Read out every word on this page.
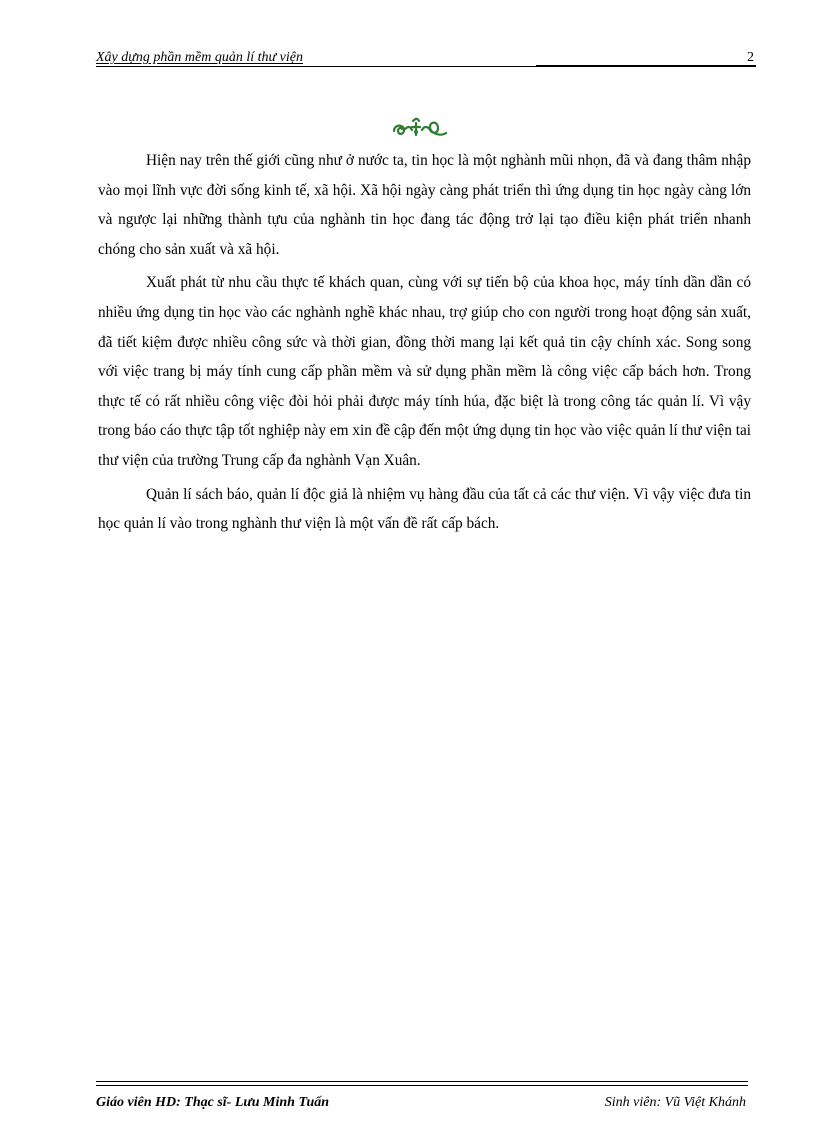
Xây dựng phần mềm quản lí thư viện	2

Hiện nay trên thế giới cũng như ở nước ta, tin học là một nghành mũi nhọn, đã và đang thâm nhập vào mọi lĩnh vực đời sống kinh tế, xã hội. Xã hội ngày càng phát triển thì ứng dụng tin học ngày càng lớn và ngược lại những thành tựu của nghành tin học đang tác động trở lại tạo điều kiện phát triển nhanh chóng cho sản xuất và xã hội.

Xuất phát từ nhu cầu thực tế khách quan, cùng với sự tiến bộ của khoa học, máy tính dần dần có nhiều ứng dụng tin học vào các nghành nghề khác nhau, trợ giúp cho con người trong hoạt động sản xuất, đã tiết kiệm được nhiều công sức và thời gian, đồng thời mang lại kết quả tin cậy chính xác. Song song với việc trang bị máy tính cung cấp phần mềm và sử dụng phần mềm là công việc cấp bách hơn. Trong thực tế có rất nhiều công việc đòi hỏi phải được máy tính húa, đặc biệt là trong công tác quản lí. Vì vậy trong báo cáo thực tập tốt nghiệp này em xin đề cập đến một ứng dụng tin học vào việc quản lí thư viện tai thư viện của trường Trung cấp đa nghành Vạn Xuân.

Quản lí sách báo, quản lí độc giả là nhiệm vụ hàng đầu của tất cả các thư viện. Vì vậy việc đưa tin học quản lí vào trong nghành thư viện là một vấn đề rất cấp bách.

Giáo viên HD: Thạc sĩ- Lưu Minh Tuấn	Sinh viên: Vũ Việt Khánh
